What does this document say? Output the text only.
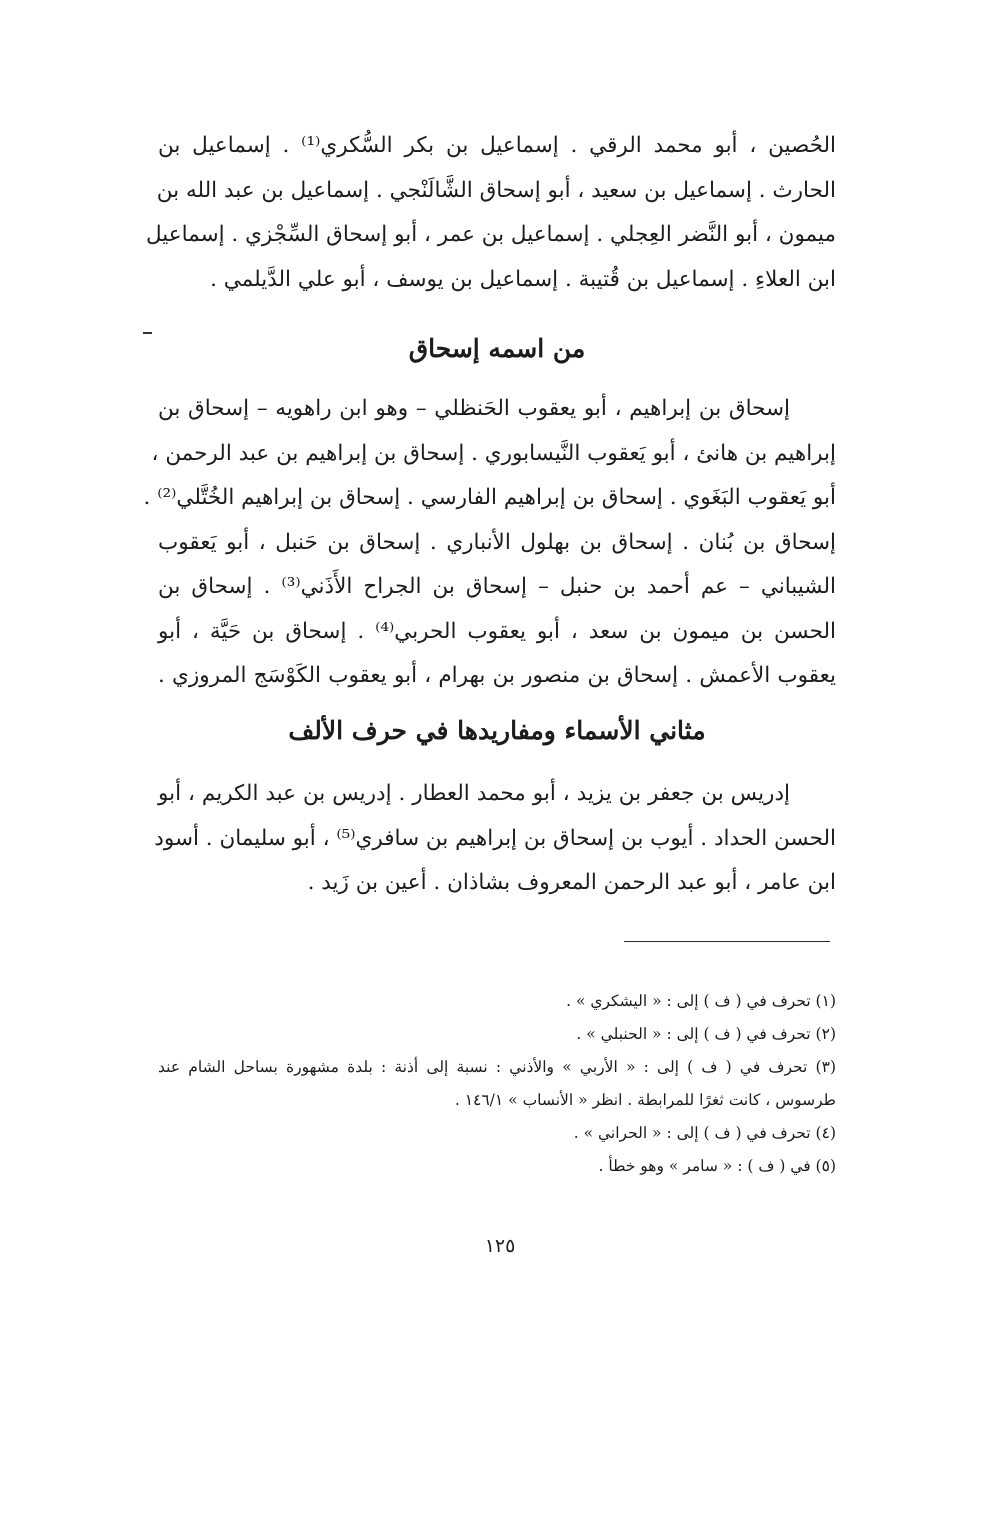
الحُصين ، أبو محمد الرقي . إسماعيل بن بكر السُّكري⁽¹⁾ . إسماعيل بن
الحارث . إسماعيل بن سعيد ، أبو إسحاق الشَّالَنْجي . إسماعيل بن عبد الله بن
ميمون ، أبو النَّضر العِجلي . إسماعيل بن عمر ، أبو إسحاق السِّجْزي . إسماعيل
ابن العلاءِ . إسماعيل بن قُتيبة . إسماعيل بن يوسف ، أبو علي الدَّيلمي .
من اسمه إسحاق
إسحاق بن إبراهيم ، أبو يعقوب الحَنظلي – وهو ابن راهويه – إسحاق بن
إبراهيم بن هانئ ، أبو يَعقوب النَّيسابوري . إسحاق بن إبراهيم بن عبد الرحمن ،
أبو يَعقوب البَغَوي . إسحاق بن إبراهيم الفارسي . إسحاق بن إبراهيم الخُتَّلي⁽²⁾ .
إسحاق بن بُنان . إسحاق بن بهلول الأنباري . إسحاق بن حَنبل ، أبو يَعقوب
الشيباني – عم أحمد بن حنبل – إسحاق بن الجراح الأَذَني⁽³⁾ . إسحاق بن
الحسن بن ميمون بن سعد ، أبو يعقوب الحربي⁽⁴⁾ . إسحاق بن حَيَّة ، أبو
يعقوب الأعمش . إسحاق بن منصور بن بهرام ، أبو يعقوب الكَوْسَج المروزي .
مثاني الأسماء ومفاريدها في حرف الألف
إدريس بن جعفر بن يزيد ، أبو محمد العطار . إدريس بن عبد الكريم ، أبو
الحسن الحداد . أيوب بن إسحاق بن إبراهيم بن سافري⁽⁵⁾ ، أبو سليمان . أسود
ابن عامر ، أبو عبد الرحمن المعروف بشاذان . أعين بن زَيد .
(١) تحرف في ( ف ) إلى : « اليشكري » .
(٢) تحرف في ( ف ) إلى : « الحنبلي » .
(٣) تحرف في ( ف ) إلى : « الأربي » والأذني : نسبة إلى أذنة : بلدة مشهورة بساحل الشام عند
طرسوس ، كانت ثغرًا للمرابطة . انظر « الأنساب » ١٤٦/١ .
(٤) تحرف في ( ف ) إلى : « الحراني » .
(٥) في ( ف ) : « سامر » وهو خطأ .
١٢٥
